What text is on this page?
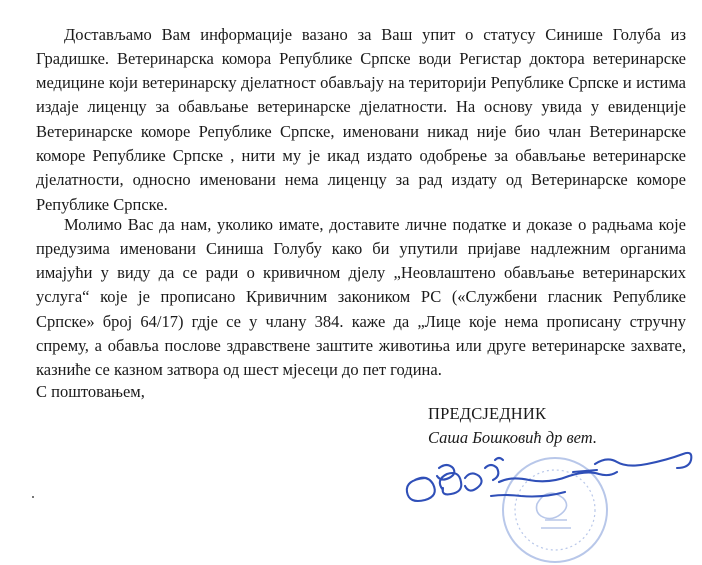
Достављамо Вам информације вазано за Ваш упит о статусу Синише Голуба из Градишке. Ветеринарска комора Републике Српске води Регистар доктора ветеринарске медицине који ветеринарску дјелатност обављају на територији Републике Српске и истима издаје лиценцу за обављање ветеринарске дјелатности. На основу увида у евиденције Ветеринарске коморе Републике Српске, именовани никад није био члан Ветеринарске коморе Републике Српске , нити му је икад издато одобрење за обављање ветеринарске дјелатности, односно именовани нема лиценцу за рад издату од Ветеринарске коморе Републике Српске.

Молимо Вас да нам, уколико имате, доставите личне податке и доказе о радњама које предузима именовани Синиша Голубу како би упутили пријаве надлежним органима имајући у виду да се ради о кривичном дјелу „Неовлаштено обављање ветеринарских услуга“ које је прописано Кривичним закоником РС («Службени гласник Републике Српске» број 64/17) гдје се у члану 384. каже да „Лице које нема прописану стручну спрему, а обавља послове здравствене заштите животиња или друге ветеринарске захвате, казниће се казном затвора од шест мјесеци до пет година.

С поштовањем,
ПРЕДСЈЕДНИК
Саша Бошковић др вет.
